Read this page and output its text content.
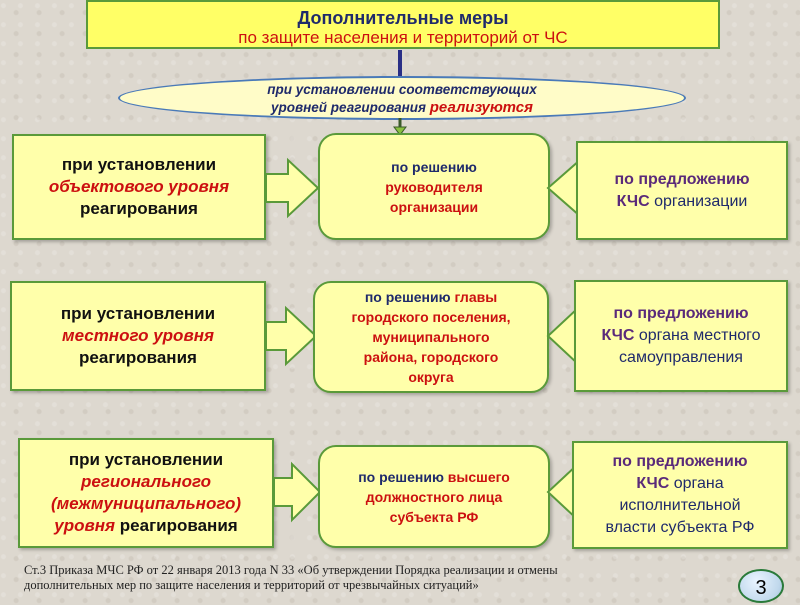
Дополнительные меры
по защите населения и территорий от ЧС
при установлении соответствующих
уровней реагирования реализуются
при установлении
объектового уровня
реагирования
по решению
руководителя
организации
по предложению
КЧС организации
при установлении
местного уровня
реагирования
по решению главы
городского поселения,
муниципального
района, городского
округа
по предложению
КЧС органа местного
самоуправления
при установлении
регионального
(межмуниципального)
уровня реагирования
по решению высшего
должностного лица
субъекта РФ
по предложению
КЧС органа
исполнительной
власти субъекта РФ
Ст.3 Приказа МЧС РФ от 22 января 2013 года N 33 «Об утверждении Порядка реализации и отмены
дополнительных мер по защите населения и территорий от чрезвычайных ситуаций»	3
